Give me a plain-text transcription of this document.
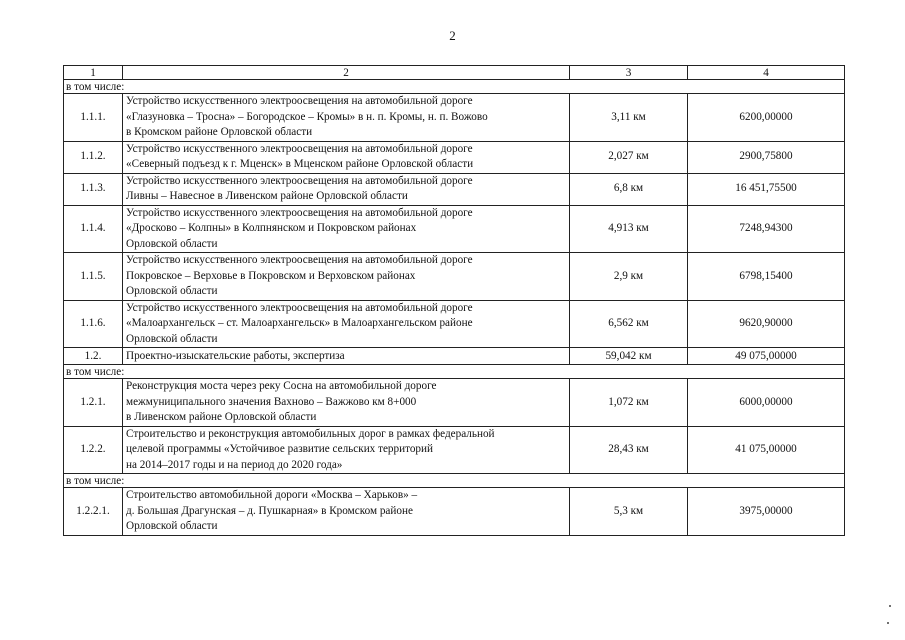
2
1	2	3	4
в том числе:			
1.1.1.	Устройство искусственного электроосвещения на автомобильной дороге
«Глазуновка – Тросна» – Богородское – Кромы» в н. п. Кромы, н. п. Вожово
в Кромском районе Орловской области	3,11 км	6200,00000
1.1.2.	Устройство искусственного электроосвещения на автомобильной дороге
«Северный подъезд к г. Мценск» в Мценском районе Орловской области	2,027 км	2900,75800
1.1.3.	Устройство искусственного электроосвещения на автомобильной дороге
Ливны – Навесное в Ливенском районе Орловской области	6,8 км	16 451,75500
1.1.4.	Устройство искусственного электроосвещения на автомобильной дороге
«Дросково – Колпны» в Колпнянском и Покровском районах
Орловской области	4,913 км	7248,94300
1.1.5.	Устройство искусственного электроосвещения на автомобильной дороге
Покровское – Верховье в Покровском и Верховском районах
Орловской области	2,9 км	6798,15400
1.1.6.	Устройство искусственного электроосвещения на автомобильной дороге
«Малоархангельск – ст. Малоархангельск» в Малоархангельском районе
Орловской области	6,562 км	9620,90000
1.2.	Проектно-изыскательские работы, экспертиза	59,042 км	49 075,00000
в том числе:			
1.2.1.	Реконструкция моста через реку Сосна на автомобильной дороге
межмуниципального значения Вахново – Важжово км 8+000
в Ливенском районе Орловской области	1,072 км	6000,00000
1.2.2.	Строительство и реконструкция автомобильных дорог в рамках федеральной
целевой программы «Устойчивое развитие сельских территорий
на 2014–2017 годы и на период до 2020 года»	28,43 км	41 075,00000
в том числе:			
1.2.2.1.	Строительство автомобильной дороги «Москва – Харьков» –
д. Большая Драгунская – д. Пушкарная» в Кромском районе
Орловской области	5,3 км	3975,00000
